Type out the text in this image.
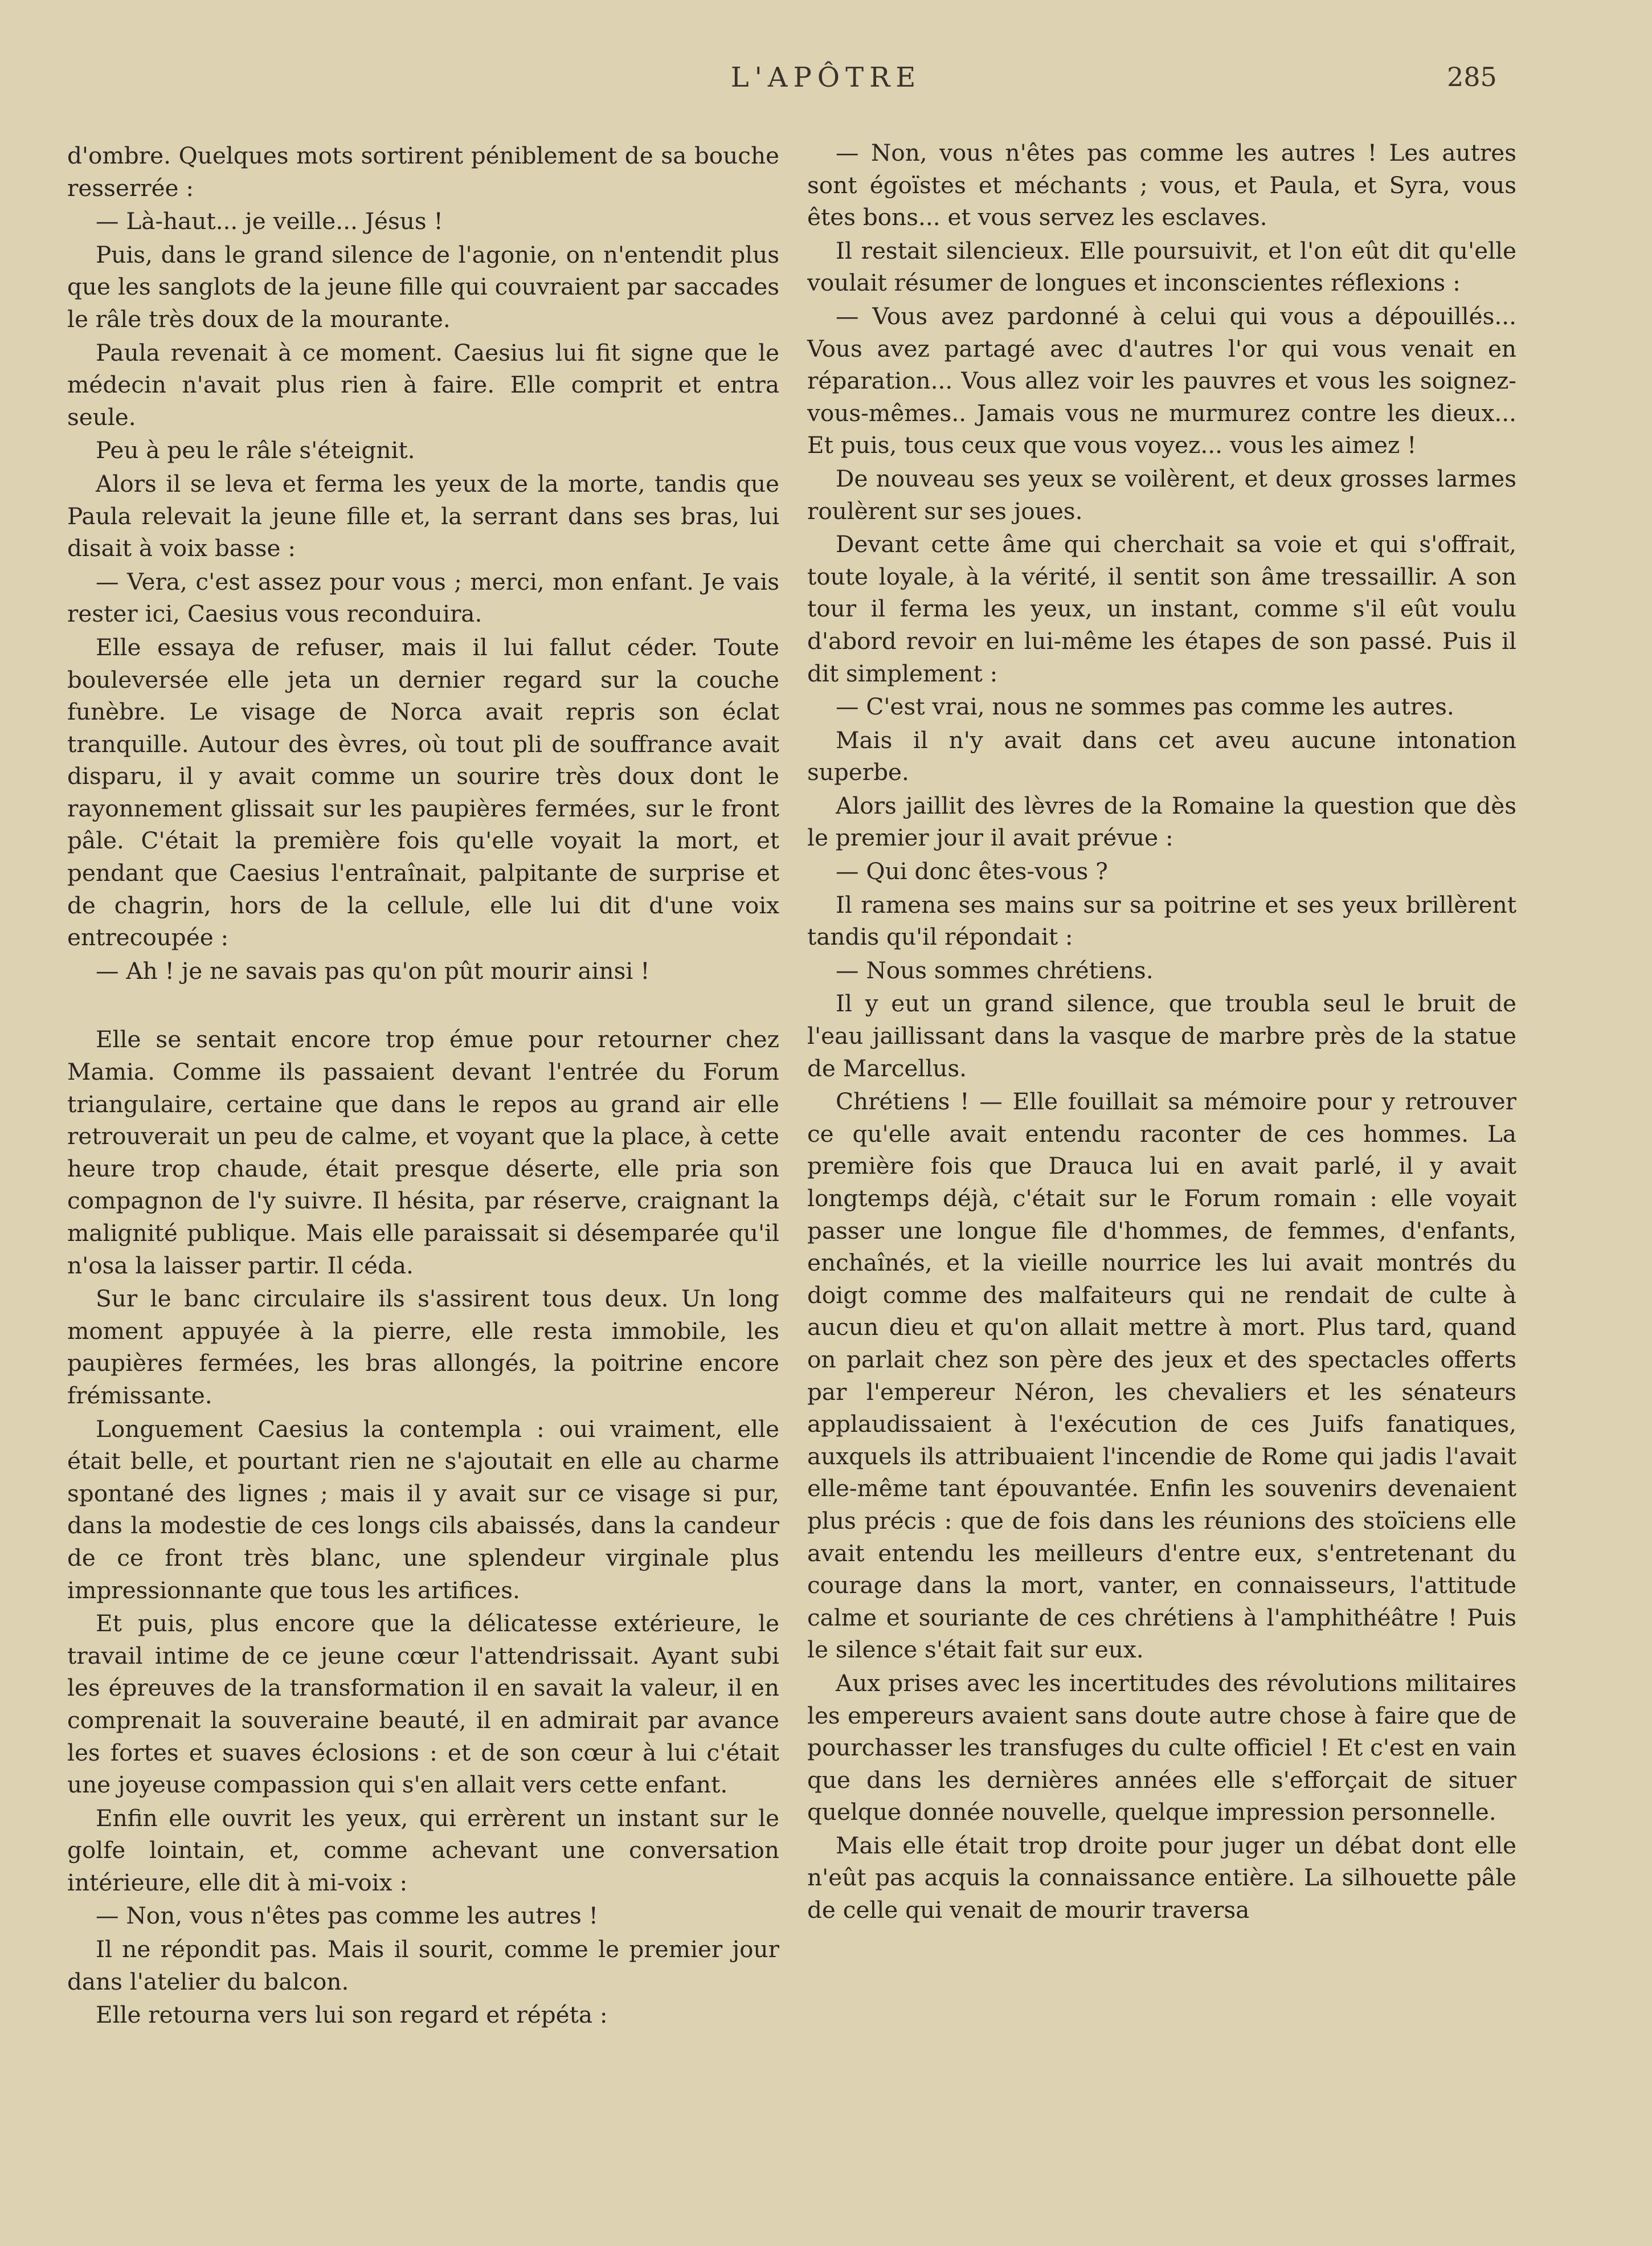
L'APÔTRE	285

d'ombre. Quelques mots sortirent péniblement de sa bouche resserrée :

— Là-haut... je veille... Jésus !

Puis, dans le grand silence de l'agonie, on n'entendit plus que les sanglots de la jeune fille qui couvraient par saccades le râle très doux de la mourante.

Paula revenait à ce moment. Caesius lui fit signe que le médecin n'avait plus rien à faire. Elle comprit et entra seule.

Peu à peu le râle s'éteignit.

Alors il se leva et ferma les yeux de la morte, tandis que Paula relevait la jeune fille et, la serrant dans ses bras, lui disait à voix basse :

— Vera, c'est assez pour vous ; merci, mon enfant. Je vais rester ici, Caesius vous reconduira.

Elle essaya de refuser, mais il lui fallut céder. Toute bouleversée elle jeta un dernier regard sur la couche funèbre. Le visage de Norca avait repris son éclat tranquille. Autour des èvres, où tout pli de souffrance avait disparu, il y avait comme un sourire très doux dont le rayonnement glissait sur les paupières fermées, sur le front pâle. C'était la première fois qu'elle voyait la mort, et pendant que Caesius l'entraînait, palpitante de surprise et de chagrin, hors de la cellule, elle lui dit d'une voix entrecoupée :

— Ah ! je ne savais pas qu'on pût mourir ainsi !

Elle se sentait encore trop émue pour retourner chez Mamia. Comme ils passaient devant l'entrée du Forum triangulaire, certaine que dans le repos au grand air elle retrouverait un peu de calme, et voyant que la place, à cette heure trop chaude, était presque déserte, elle pria son compagnon de l'y suivre. Il hésita, par réserve, craignant la malignité publique. Mais elle paraissait si désemparée qu'il n'osa la laisser partir. Il céda.

Sur le banc circulaire ils s'assirent tous deux. Un long moment appuyée à la pierre, elle resta immobile, les paupières fermées, les bras allongés, la poitrine encore frémissante.

Longuement Caesius la contempla : oui vraiment, elle était belle, et pourtant rien ne s'ajoutait en elle au charme spontané des lignes ; mais il y avait sur ce visage si pur, dans la modestie de ces longs cils abaissés, dans la candeur de ce front très blanc, une splendeur virginale plus impressionnante que tous les artifices.

Et puis, plus encore que la délicatesse extérieure, le travail intime de ce jeune cœur l'attendrissait. Ayant subi les épreuves de la transformation il en savait la valeur, il en comprenait la souveraine beauté, il en admirait par avance les fortes et suaves éclosions : et de son cœur à lui c'était une joyeuse compassion qui s'en allait vers cette enfant.

Enfin elle ouvrit les yeux, qui errèrent un instant sur le golfe lointain, et, comme achevant une conversation intérieure, elle dit à mi-voix :

— Non, vous n'êtes pas comme les autres !

Il ne répondit pas. Mais il sourit, comme le premier jour dans l'atelier du balcon.

Elle retourna vers lui son regard et répéta :

— Non, vous n'êtes pas comme les autres ! Les autres sont égoïstes et méchants ; vous, et Paula, et Syra, vous êtes bons... et vous servez les esclaves.

Il restait silencieux. Elle poursuivit, et l'on eût dit qu'elle voulait résumer de longues et inconscientes réflexions :

— Vous avez pardonné à celui qui vous a dépouillés... Vous avez partagé avec d'autres l'or qui vous venait en réparation... Vous allez voir les pauvres et vous les soignez-vous-mêmes.. Jamais vous ne murmurez contre les dieux... Et puis, tous ceux que vous voyez... vous les aimez !

De nouveau ses yeux se voilèrent, et deux grosses larmes roulèrent sur ses joues.

Devant cette âme qui cherchait sa voie et qui s'offrait, toute loyale, à la vérité, il sentit son âme tressaillir. A son tour il ferma les yeux, un instant, comme s'il eût voulu d'abord revoir en lui-même les étapes de son passé. Puis il dit simplement :

— C'est vrai, nous ne sommes pas comme les autres.

Mais il n'y avait dans cet aveu aucune intonation superbe.

Alors jaillit des lèvres de la Romaine la question que dès le premier jour il avait prévue :

— Qui donc êtes-vous ?

Il ramena ses mains sur sa poitrine et ses yeux brillèrent tandis qu'il répondait :

— Nous sommes chrétiens.

Il y eut un grand silence, que troubla seul le bruit de l'eau jaillissant dans la vasque de marbre près de la statue de Marcellus.

Chrétiens ! — Elle fouillait sa mémoire pour y retrouver ce qu'elle avait entendu raconter de ces hommes. La première fois que Drauca lui en avait parlé, il y avait longtemps déjà, c'était sur le Forum romain : elle voyait passer une longue file d'hommes, de femmes, d'enfants, enchaînés, et la vieille nourrice les lui avait montrés du doigt comme des malfaiteurs qui ne rendait de culte à aucun dieu et qu'on allait mettre à mort. Plus tard, quand on parlait chez son père des jeux et des spectacles offerts par l'empereur Néron, les chevaliers et les sénateurs applaudissaient à l'exécution de ces Juifs fanatiques, auxquels ils attribuaient l'incendie de Rome qui jadis l'avait elle-même tant épouvantée. Enfin les souvenirs devenaient plus précis : que de fois dans les réunions des stoïciens elle avait entendu les meilleurs d'entre eux, s'entretenant du courage dans la mort, vanter, en connaisseurs, l'attitude calme et souriante de ces chrétiens à l'amphithéâtre ! Puis le silence s'était fait sur eux.

Aux prises avec les incertitudes des révolutions militaires les empereurs avaient sans doute autre chose à faire que de pourchasser les transfuges du culte officiel ! Et c'est en vain que dans les dernières années elle s'efforçait de situer quelque donnée nouvelle, quelque impression personnelle.

Mais elle était trop droite pour juger un débat dont elle n'eût pas acquis la connaissance entière. La silhouette pâle de celle qui venait de mourir traversa
